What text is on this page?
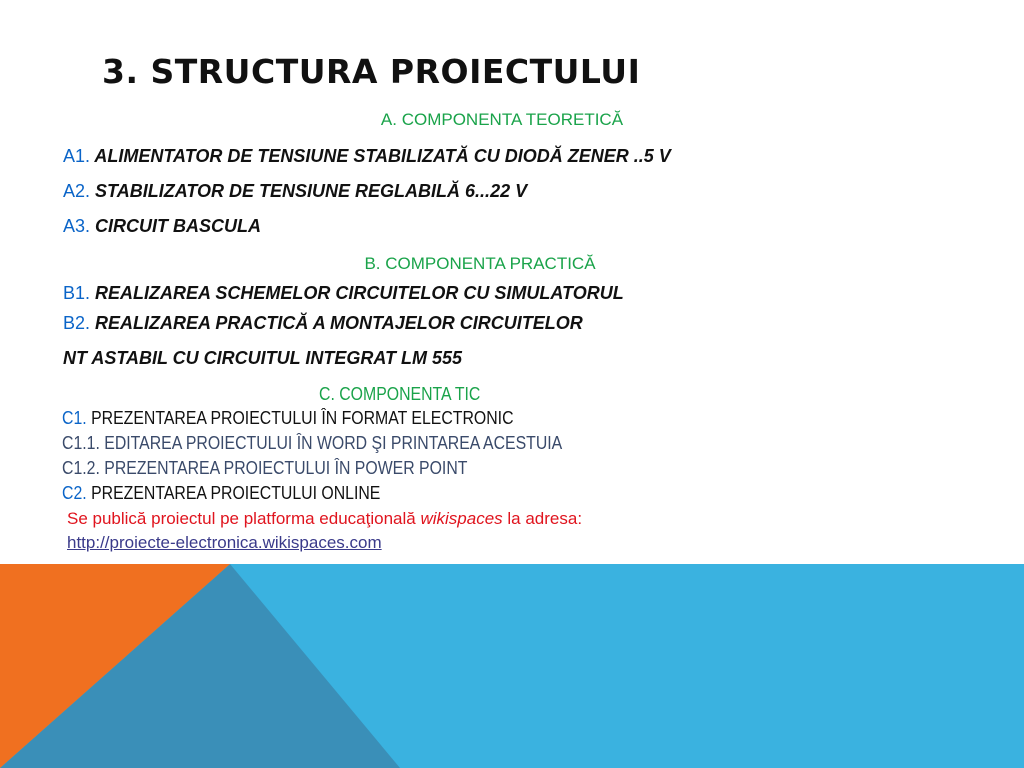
3. STRUCTURA PROIECTULUI
A. COMPONENTA TEORETICĂ
A1. ALIMENTATOR DE TENSIUNE STABILIZATĂ CU DIODĂ ZENER ..5 V
A2. STABILIZATOR DE TENSIUNE REGLABILĂ 6...22 V
A3. CIRCUIT BASCULA
B. COMPONENTA PRACTICĂ
B1. REALIZAREA SCHEMELOR CIRCUITELOR CU SIMULATORUL
B2. REALIZAREA PRACTICĂ A MONTAJELOR CIRCUITELOR
NT ASTABIL CU CIRCUITUL INTEGRAT LM 555
C. COMPONENTA TIC
C1. PREZENTAREA PROIECTULUI ÎN FORMAT ELECTRONIC
C1.1. EDITAREA PROIECTULUI ÎN WORD ŞI PRINTAREA ACESTUIA
C1.2. PREZENTAREA PROIECTULUI ÎN POWER POINT
C2. PREZENTAREA PROIECTULUI ONLINE
Se publică proiectul pe platforma educaţională wikispaces la adresa:
http://proiecte-electronica.wikispaces.com
